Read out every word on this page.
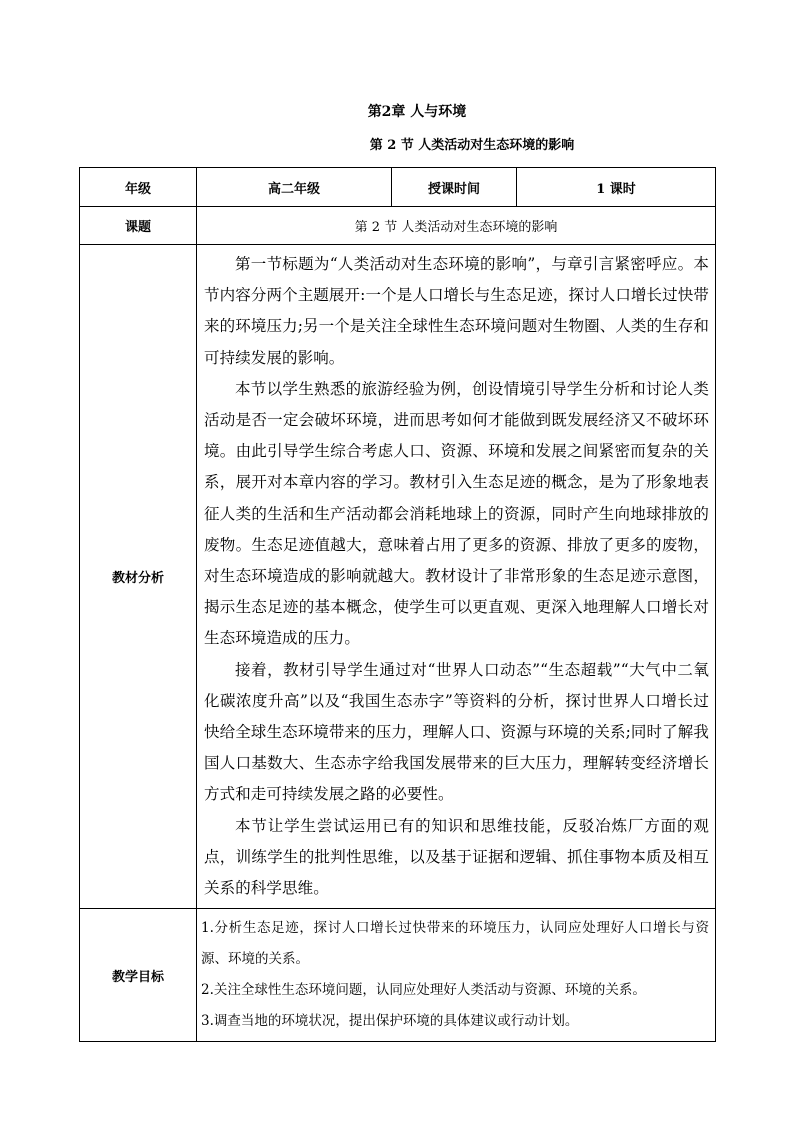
第2章 人与环境
第 2 节 人类活动对生态环境的影响
年级	高二年级	授课时间	1 课时
课题	第 2 节 人类活动对生态环境的影响		
教材分析	第一节标题为“人类活动对生态环境的影响”，与章引言紧密呼应。本节内容分两个主题展开:一个是人口增长与生态足迹，探讨人口增长过快带来的环境压力;另一个是关注全球性生态环境问题对生物圈、人类的生存和可持续发展的影响。

本节以学生熟悉的旅游经验为例，创设情境引导学生分析和讨论人类活动是否一定会破坏环境，进而思考如何才能做到既发展经济又不破坏环境。由此引导学生综合考虑人口、资源、环境和发展之间紧密而复杂的关系，展开对本章内容的学习。教材引入生态足迹的概念，是为了形象地表征人类的生活和生产活动都会消耗地球上的资源，同时产生向地球排放的废物。生态足迹值越大，意味着占用了更多的资源、排放了更多的废物，对生态环境造成的影响就越大。教材设计了非常形象的生态足迹示意图，揭示生态足迹的基本概念，使学生可以更直观、更深入地理解人口增长对生态环境造成的压力。

接着，教材引导学生通过对“世界人口动态”“生态超载”“大气中二氧化碳浓度升高”以及“我国生态赤字”等资料的分析，探讨世界人口增长过快给全球生态环境带来的压力，理解人口、资源与环境的关系;同时了解我国人口基数大、生态赤字给我国发展带来的巨大压力，理解转变经济增长方式和走可持续发展之路的必要性。

本节让学生尝试运用已有的知识和思维技能，反驳冶炼厂方面的观点，训练学生的批判性思维，以及基于证据和逻辑、抓住事物本质及相互关系的科学思维。		

教学目标	1.分析生态足迹，探讨人口增长过快带来的环境压力，认同应处理好人口增长与资源、环境的关系。

2.关注全球性生态环境问题，认同应处理好人类活动与资源、环境的关系。

3.调查当地的环境状况，提出保护环境的具体建议或行动计划。		
